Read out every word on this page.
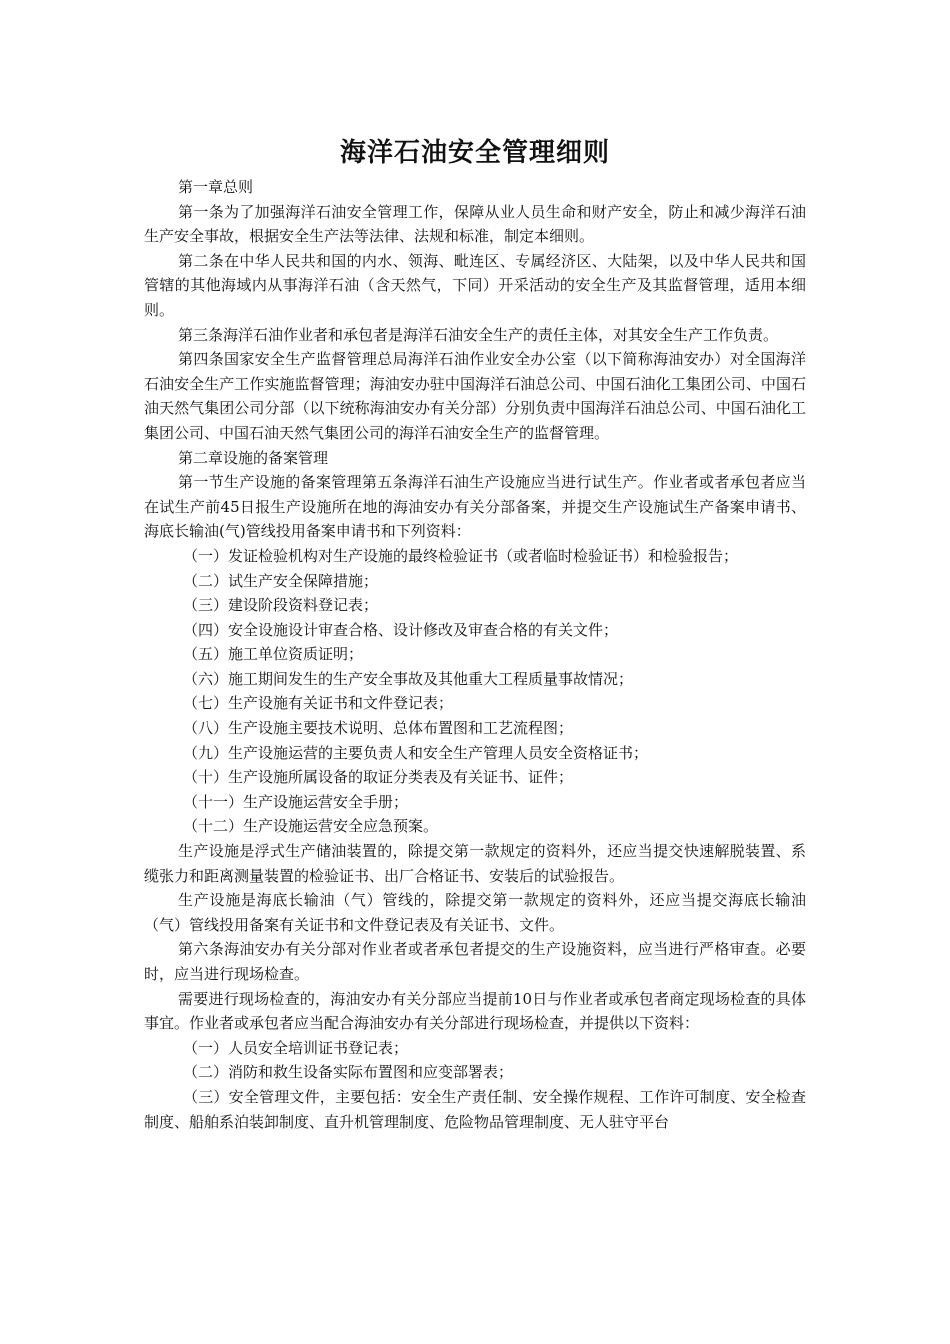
海洋石油安全管理细则
第一章总则
第一条为了加强海洋石油安全管理工作，保障从业人员生命和财产安全，防止和减少海洋石油生产安全事故，根据安全生产法等法律、法规和标准，制定本细则。
第二条在中华人民共和国的内水、领海、毗连区、专属经济区、大陆架，以及中华人民共和国管辖的其他海域内从事海洋石油（含天然气，下同）开采活动的安全生产及其监督管理，适用本细则。
第三条海洋石油作业者和承包者是海洋石油安全生产的责任主体，对其安全生产工作负责。
第四条国家安全生产监督管理总局海洋石油作业安全办公室（以下简称海油安办）对全国海洋石油安全生产工作实施监督管理；海油安办驻中国海洋石油总公司、中国石油化工集团公司、中国石油天然气集团公司分部（以下统称海油安办有关分部）分别负责中国海洋石油总公司、中国石油化工集团公司、中国石油天然气集团公司的海洋石油安全生产的监督管理。
第二章设施的备案管理
第一节生产设施的备案管理第五条海洋石油生产设施应当进行试生产。作业者或者承包者应当在试生产前45日报生产设施所在地的海油安办有关分部备案，并提交生产设施试生产备案申请书、海底长输油(气)管线投用备案申请书和下列资料：
（一）发证检验机构对生产设施的最终检验证书（或者临时检验证书）和检验报告；
（二）试生产安全保障措施；
（三）建设阶段资料登记表；
（四）安全设施设计审查合格、设计修改及审查合格的有关文件；
（五）施工单位资质证明；
（六）施工期间发生的生产安全事故及其他重大工程质量事故情况；
（七）生产设施有关证书和文件登记表；
（八）生产设施主要技术说明、总体布置图和工艺流程图；
（九）生产设施运营的主要负责人和安全生产管理人员安全资格证书；
（十）生产设施所属设备的取证分类表及有关证书、证件；
（十一）生产设施运营安全手册；
（十二）生产设施运营安全应急预案。
生产设施是浮式生产储油装置的，除提交第一款规定的资料外，还应当提交快速解脱装置、系缆张力和距离测量装置的检验证书、出厂合格证书、安装后的试验报告。
生产设施是海底长输油（气）管线的，除提交第一款规定的资料外，还应当提交海底长输油（气）管线投用备案有关证书和文件登记表及有关证书、文件。
第六条海油安办有关分部对作业者或者承包者提交的生产设施资料，应当进行严格审查。必要时，应当进行现场检查。
需要进行现场检查的，海油安办有关分部应当提前10日与作业者或承包者商定现场检查的具体事宜。作业者或承包者应当配合海油安办有关分部进行现场检查，并提供以下资料：
（一）人员安全培训证书登记表；
（二）消防和救生设备实际布置图和应变部署表；
（三）安全管理文件，主要包括：安全生产责任制、安全操作规程、工作许可制度、安全检查制度、船舶系泊装卸制度、直升机管理制度、危险物品管理制度、无人驻守平台
